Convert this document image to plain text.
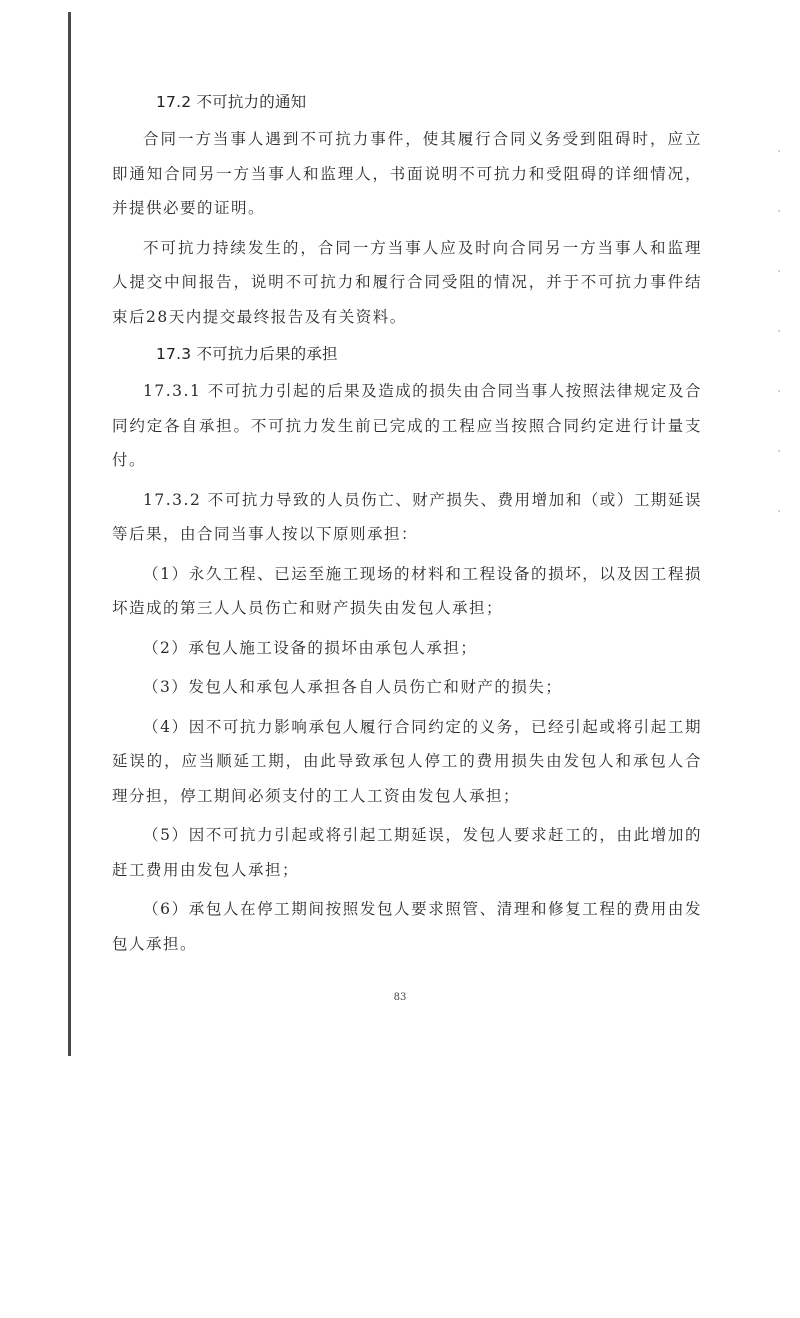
17.2 不可抗力的通知

合同一方当事人遇到不可抗力事件，使其履行合同义务受到阻碍时，应立即通知合同另一方当事人和监理人，书面说明不可抗力和受阻碍的详细情况，并提供必要的证明。

不可抗力持续发生的，合同一方当事人应及时向合同另一方当事人和监理人提交中间报告，说明不可抗力和履行合同受阻的情况，并于不可抗力事件结束后28天内提交最终报告及有关资料。

17.3 不可抗力后果的承担

17.3.1 不可抗力引起的后果及造成的损失由合同当事人按照法律规定及合同约定各自承担。不可抗力发生前已完成的工程应当按照合同约定进行计量支付。

17.3.2 不可抗力导致的人员伤亡、财产损失、费用增加和（或）工期延误等后果，由合同当事人按以下原则承担：

（1）永久工程、已运至施工现场的材料和工程设备的损坏，以及因工程损坏造成的第三人人员伤亡和财产损失由发包人承担；

（2）承包人施工设备的损坏由承包人承担；

（3）发包人和承包人承担各自人员伤亡和财产的损失；

（4）因不可抗力影响承包人履行合同约定的义务，已经引起或将引起工期延误的，应当顺延工期，由此导致承包人停工的费用损失由发包人和承包人合理分担，停工期间必须支付的工人工资由发包人承担；

（5）因不可抗力引起或将引起工期延误，发包人要求赶工的，由此增加的赶工费用由发包人承担；

（6）承包人在停工期间按照发包人要求照管、清理和修复工程的费用由发包人承担。

83
